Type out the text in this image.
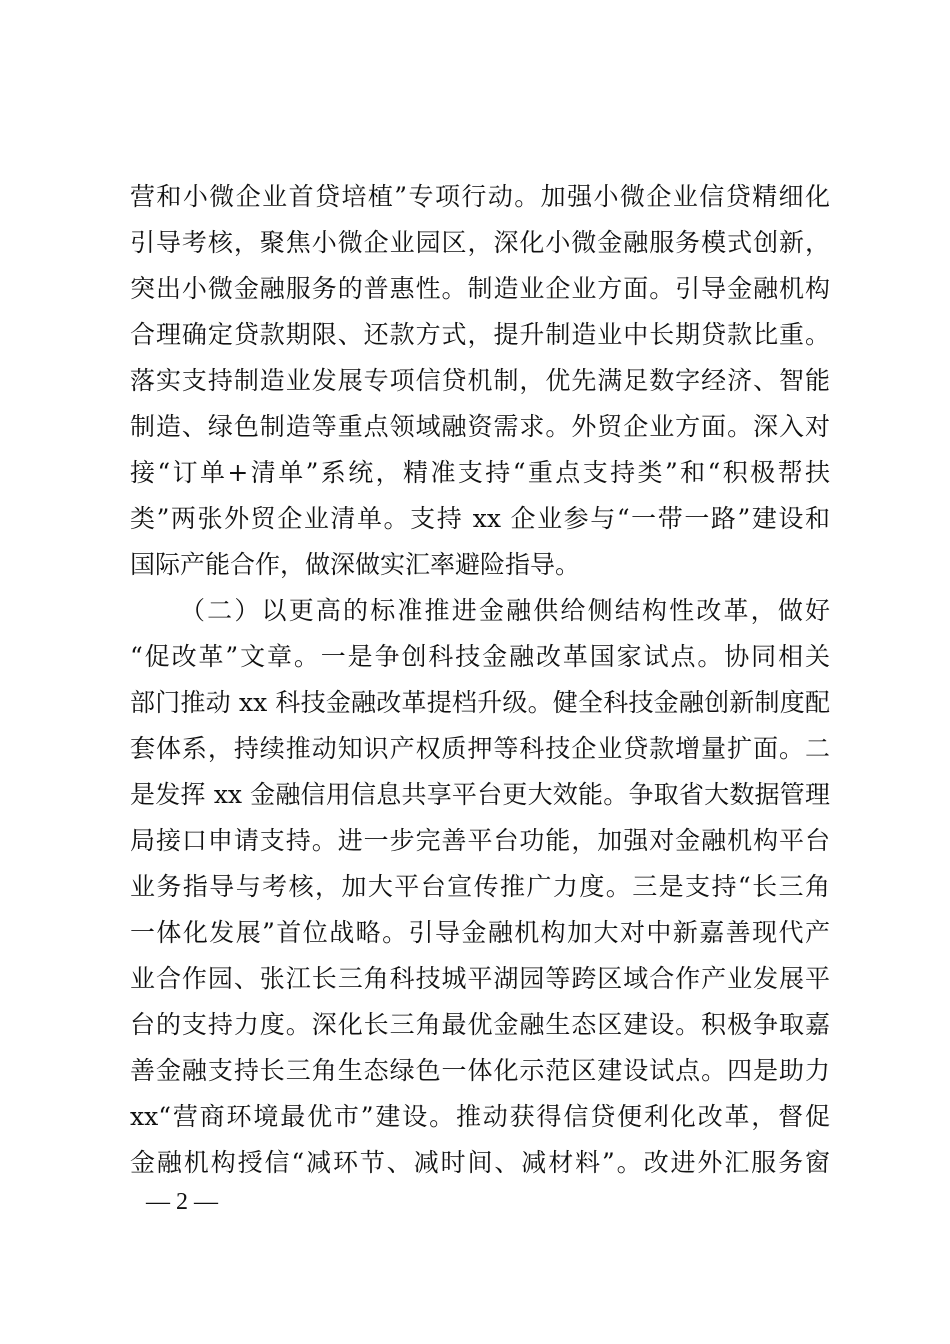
营和小微企业首贷培植”专项行动。加强小微企业信贷精细化
引导考核，聚焦小微企业园区，深化小微金融服务模式创新，
突出小微金融服务的普惠性。制造业企业方面。引导金融机构
合理确定贷款期限、还款方式，提升制造业中长期贷款比重。
落实支持制造业发展专项信贷机制，优先满足数字经济、智能
制造、绿色制造等重点领域融资需求。外贸企业方面。深入对
接“订单+清单”系统，精准支持“重点支持类”和“积极帮扶
类”两张外贸企业清单。支持 xx 企业参与“一带一路”建设和
国际产能合作，做深做实汇率避险指导。
（二）以更高的标准推进金融供给侧结构性改革，做好
“促改革”文章。一是争创科技金融改革国家试点。协同相关
部门推动 xx 科技金融改革提档升级。健全科技金融创新制度配
套体系，持续推动知识产权质押等科技企业贷款增量扩面。二
是发挥 xx 金融信用信息共享平台更大效能。争取省大数据管理
局接口申请支持。进一步完善平台功能，加强对金融机构平台
业务指导与考核，加大平台宣传推广力度。三是支持“长三角
一体化发展”首位战略。引导金融机构加大对中新嘉善现代产
业合作园、张江长三角科技城平湖园等跨区域合作产业发展平
台的支持力度。深化长三角最优金融生态区建设。积极争取嘉
善金融支持长三角生态绿色一体化示范区建设试点。四是助力
xx“营商环境最优市”建设。推动获得信贷便利化改革，督促
金融机构授信“减环节、减时间、减材料”。改进外汇服务窗
— 2 —
